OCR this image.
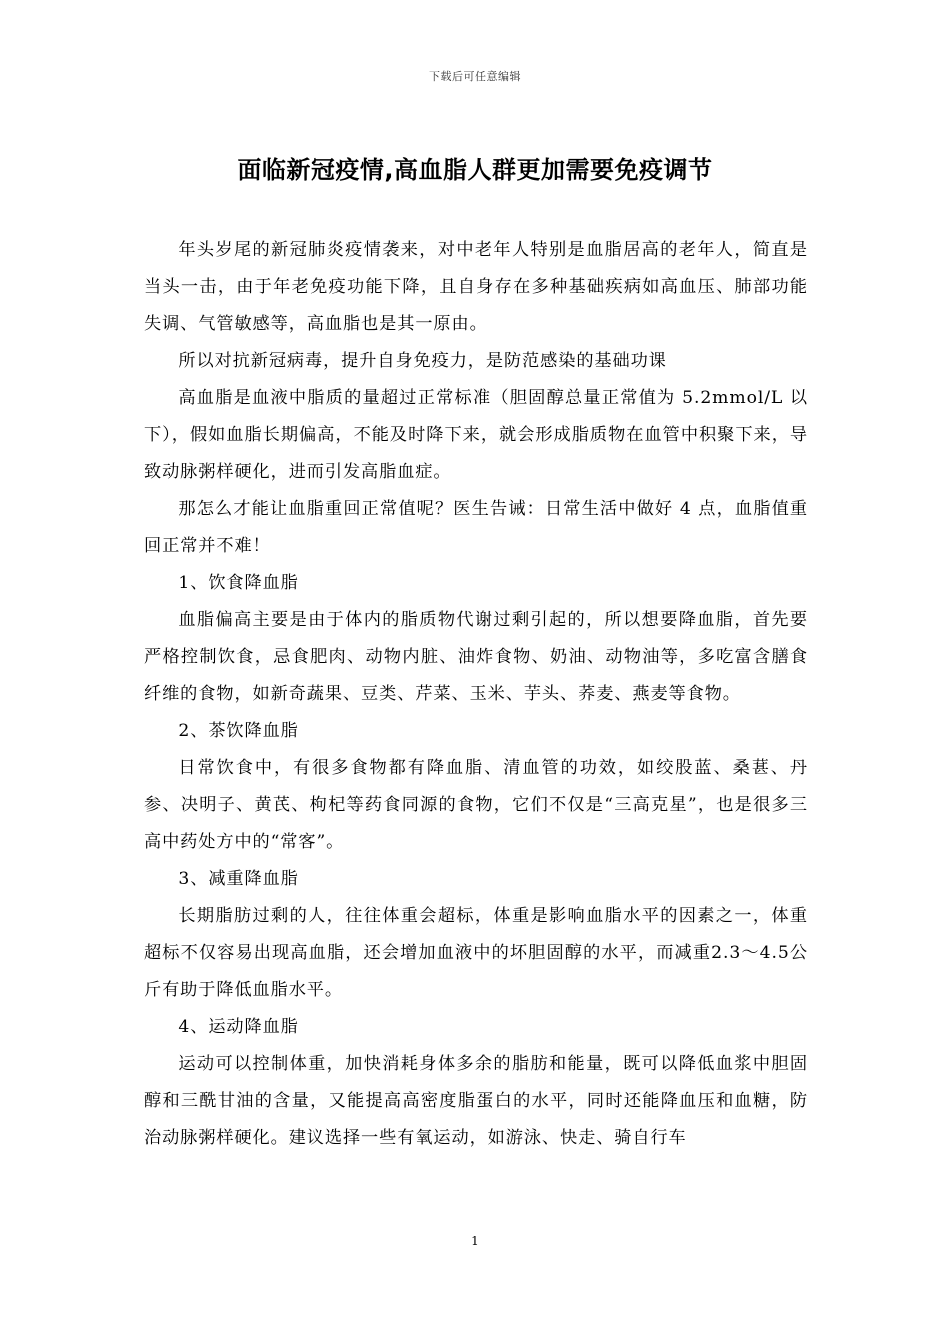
下载后可任意编辑
面临新冠疫情,高血脂人群更加需要免疫调节

年头岁尾的新冠肺炎疫情袭来，对中老年人特别是血脂居高的老年人，简直是当头一击，由于年老免疫功能下降，且自身存在多种基础疾病如高血压、肺部功能失调、气管敏感等，高血脂也是其一原由。

所以对抗新冠病毒，提升自身免疫力，是防范感染的基础功课

高血脂是血液中脂质的量超过正常标准（胆固醇总量正常值为 5.2mmol/L 以下），假如血脂长期偏高，不能及时降下来，就会形成脂质物在血管中积聚下来，导致动脉粥样硬化，进而引发高脂血症。

那怎么才能让血脂重回正常值呢？医生告诫：日常生活中做好 4 点，血脂值重回正常并不难！

1、饮食降血脂

血脂偏高主要是由于体内的脂质物代谢过剩引起的，所以想要降血脂，首先要严格控制饮食，忌食肥肉、动物内脏、油炸食物、奶油、动物油等，多吃富含膳食纤维的食物，如新奇蔬果、豆类、芹菜、玉米、芋头、荞麦、燕麦等食物。

2、茶饮降血脂

日常饮食中，有很多食物都有降血脂、清血管的功效，如绞股蓝、桑葚、丹参、决明子、黄芪、枸杞等药食同源的食物，它们不仅是“三高克星”，也是很多三高中药处方中的“常客”。

3、减重降血脂

长期脂肪过剩的人，往往体重会超标，体重是影响血脂水平的因素之一，体重超标不仅容易出现高血脂，还会增加血液中的坏胆固醇的水平，而减重2.3～4.5公斤有助于降低血脂水平。

4、运动降血脂

运动可以控制体重，加快消耗身体多余的脂肪和能量，既可以降低血浆中胆固醇和三酰甘油的含量，又能提高高密度脂蛋白的水平，同时还能降血压和血糖，防治动脉粥样硬化。建议选择一些有氧运动，如游泳、快走、骑自行车

1
